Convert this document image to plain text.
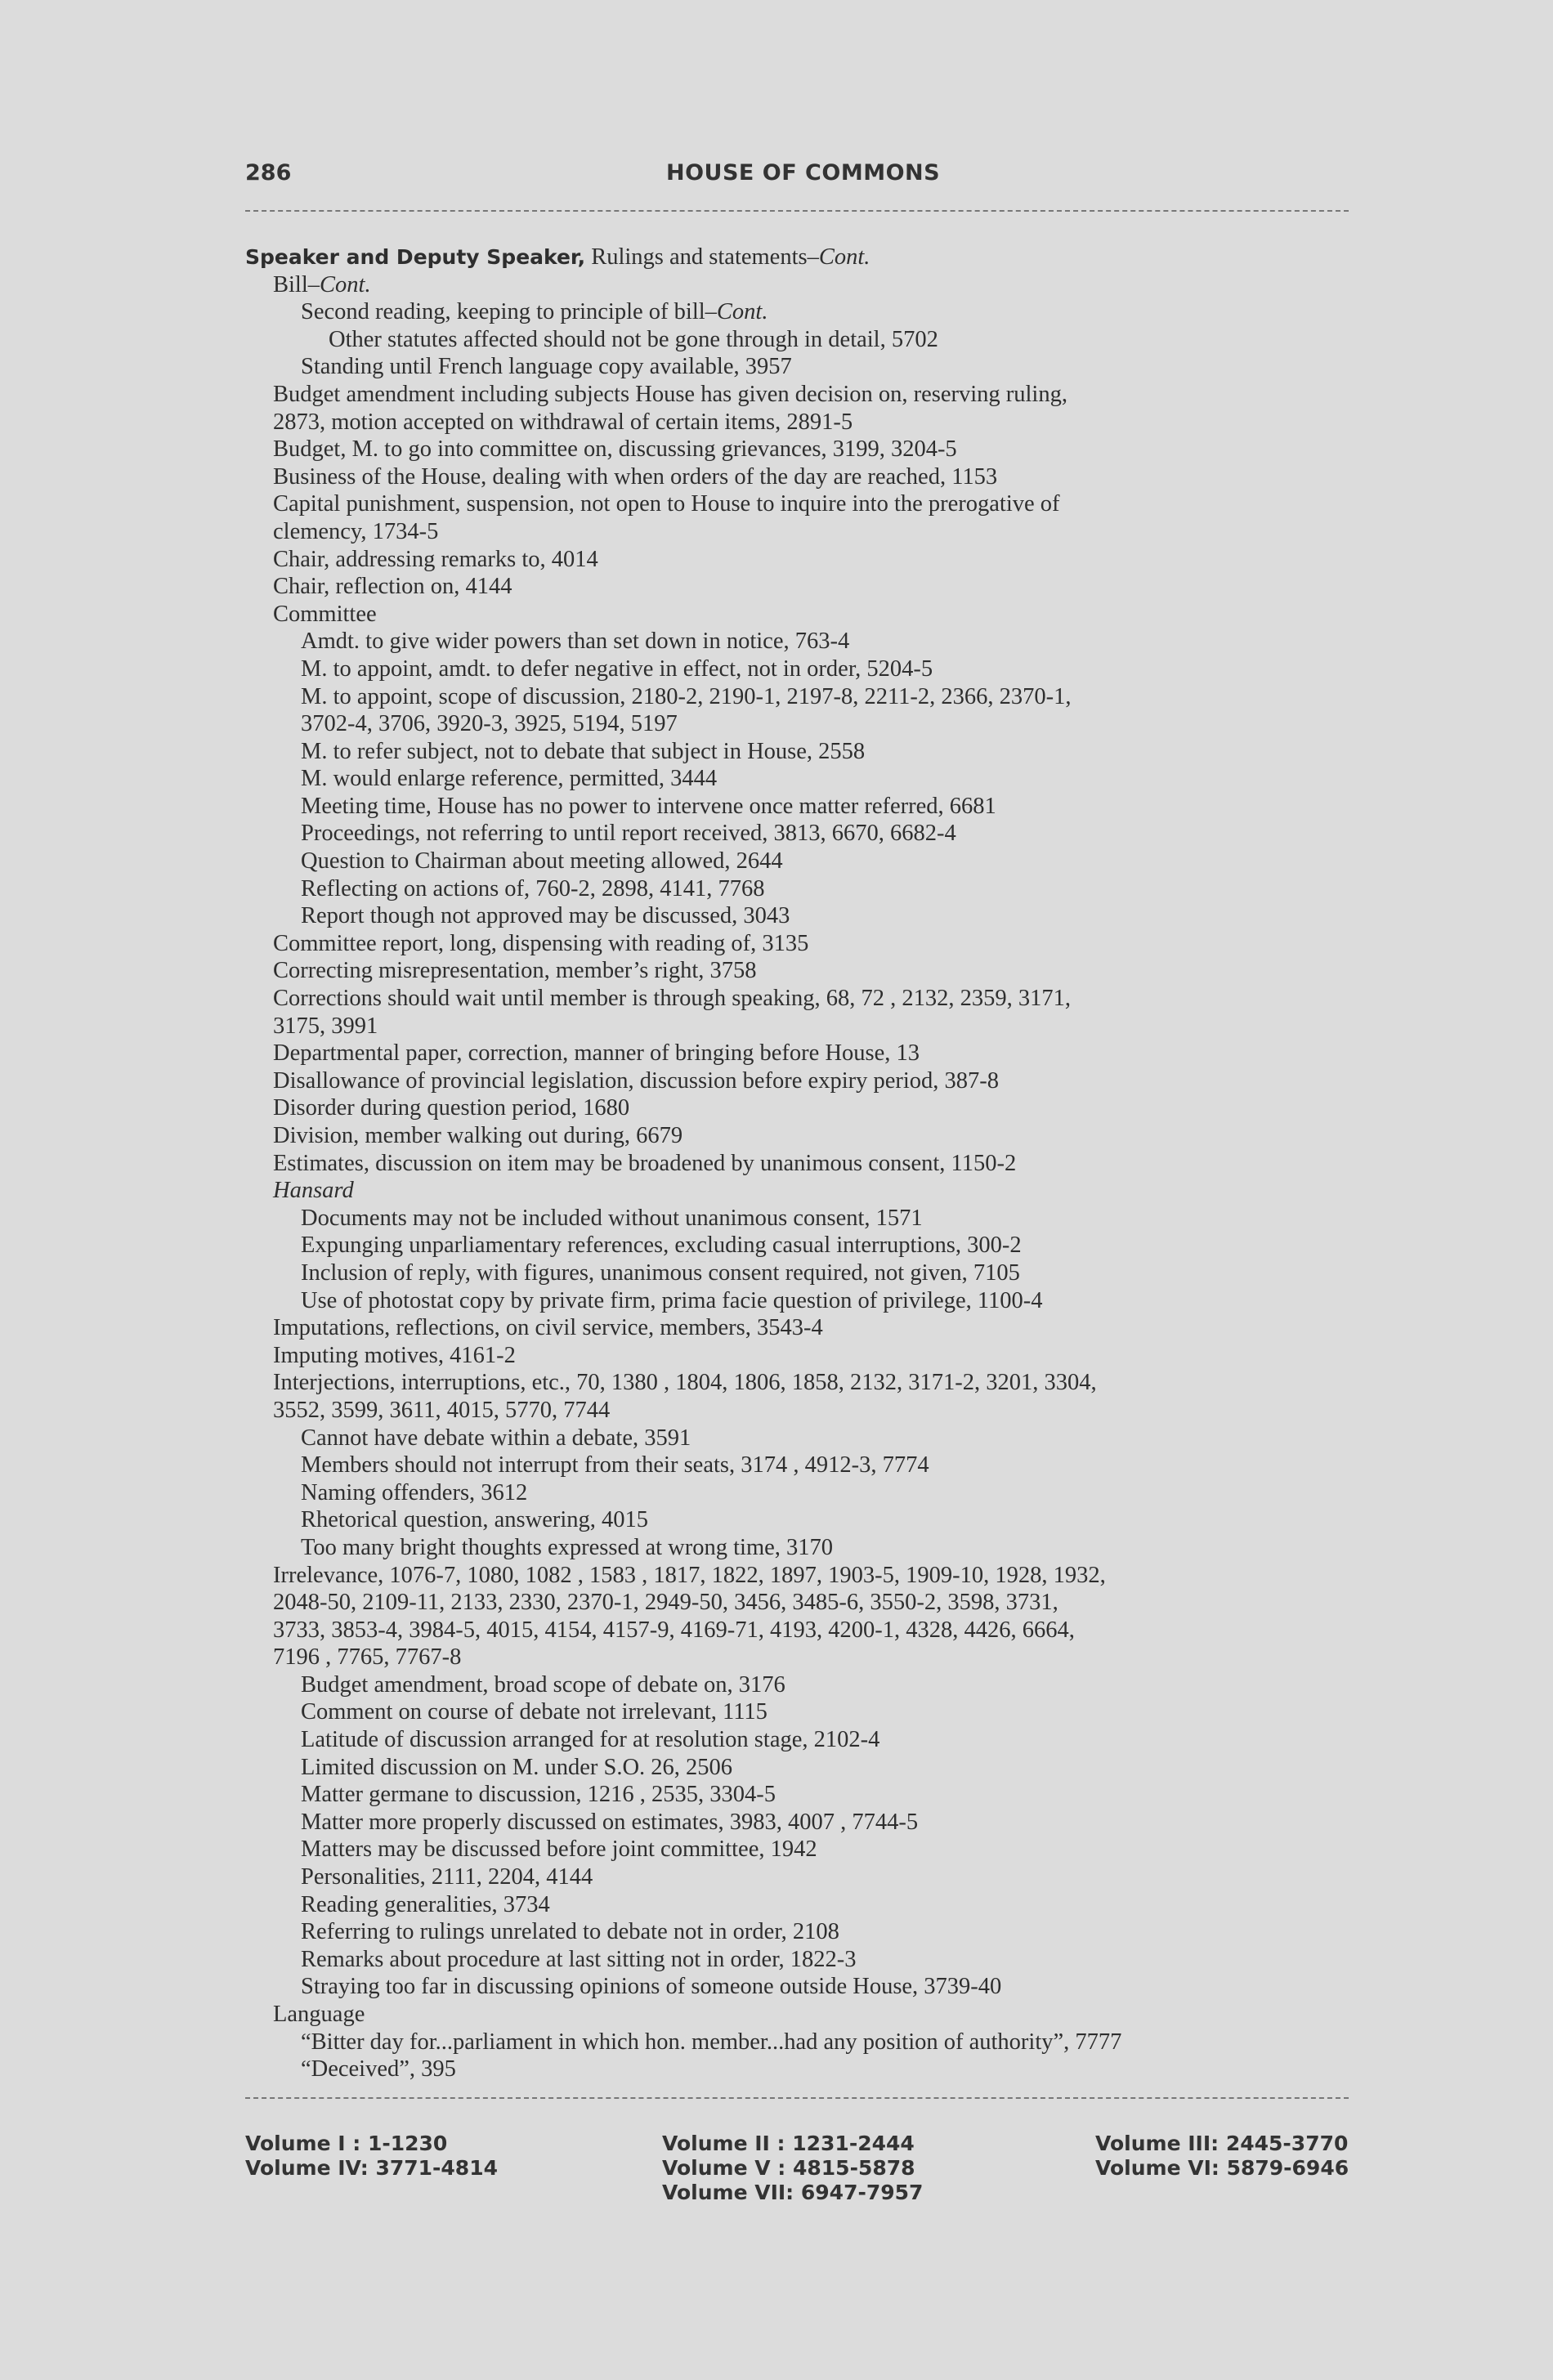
286	HOUSE OF COMMONS
Speaker and Deputy Speaker, Rulings and statements–Cont.
Bill–Cont.
Second reading, keeping to principle of bill–Cont.
Other statutes affected should not be gone through in detail, 5702
Standing until French language copy available, 3957
Budget amendment including subjects House has given decision on, reserving ruling,
2873, motion accepted on withdrawal of certain items, 2891-5
Budget, M. to go into committee on, discussing grievances, 3199, 3204-5
Business of the House, dealing with when orders of the day are reached, 1153
Capital punishment, suspension, not open to House to inquire into the prerogative of
clemency, 1734-5
Chair, addressing remarks to, 4014
Chair, reflection on, 4144
Committee
Amdt. to give wider powers than set down in notice, 763-4
M. to appoint, amdt. to defer negative in effect, not in order, 5204-5
M. to appoint, scope of discussion, 2180-2, 2190-1, 2197-8, 2211-2, 2366, 2370-1,
3702-4, 3706, 3920-3, 3925, 5194, 5197
M. to refer subject, not to debate that subject in House, 2558
M. would enlarge reference, permitted, 3444
Meeting time, House has no power to intervene once matter referred, 6681
Proceedings, not referring to until report received, 3813, 6670, 6682-4
Question to Chairman about meeting allowed, 2644
Reflecting on actions of, 760-2, 2898, 4141, 7768
Report though not approved may be discussed, 3043
Committee report, long, dispensing with reading of, 3135
Correcting misrepresentation, member’s right, 3758
Corrections should wait until member is through speaking, 68, 72 , 2132, 2359, 3171,
3175, 3991
Departmental paper, correction, manner of bringing before House, 13
Disallowance of provincial legislation, discussion before expiry period, 387-8
Disorder during question period, 1680
Division, member walking out during, 6679
Estimates, discussion on item may be broadened by unanimous consent, 1150-2
Hansard
Documents may not be included without unanimous consent, 1571
Expunging unparliamentary references, excluding casual interruptions, 300-2
Inclusion of reply, with figures, unanimous consent required, not given, 7105
Use of photostat copy by private firm, prima facie question of privilege, 1100-4
Imputations, reflections, on civil service, members, 3543-4
Imputing motives, 4161-2
Interjections, interruptions, etc., 70, 1380 , 1804, 1806, 1858, 2132, 3171-2, 3201, 3304,
3552, 3599, 3611, 4015, 5770, 7744
Cannot have debate within a debate, 3591
Members should not interrupt from their seats, 3174 , 4912-3, 7774
Naming offenders, 3612
Rhetorical question, answering, 4015
Too many bright thoughts expressed at wrong time, 3170
Irrelevance, 1076-7, 1080, 1082 , 1583 , 1817, 1822, 1897, 1903-5, 1909-10, 1928, 1932,
2048-50, 2109-11, 2133, 2330, 2370-1, 2949-50, 3456, 3485-6, 3550-2, 3598, 3731,
3733, 3853-4, 3984-5, 4015, 4154, 4157-9, 4169-71, 4193, 4200-1, 4328, 4426, 6664,
7196 , 7765, 7767-8
Budget amendment, broad scope of debate on, 3176
Comment on course of debate not irrelevant, 1115
Latitude of discussion arranged for at resolution stage, 2102-4
Limited discussion on M. under S.O. 26, 2506
Matter germane to discussion, 1216 , 2535, 3304-5
Matter more properly discussed on estimates, 3983, 4007 , 7744-5
Matters may be discussed before joint committee, 1942
Personalities, 2111, 2204, 4144
Reading generalities, 3734
Referring to rulings unrelated to debate not in order, 2108
Remarks about procedure at last sitting not in order, 1822-3
Straying too far in discussing opinions of someone outside House, 3739-40
Language
“Bitter day for...parliament in which hon. member...had any position of authority”, 7777
“Deceived”, 395
Volume I : 1-1230
Volume IV: 3771-4814
Volume II : 1231-2444
Volume V : 4815-5878
Volume VII: 6947-7957
Volume III: 2445-3770
Volume VI: 5879-6946
